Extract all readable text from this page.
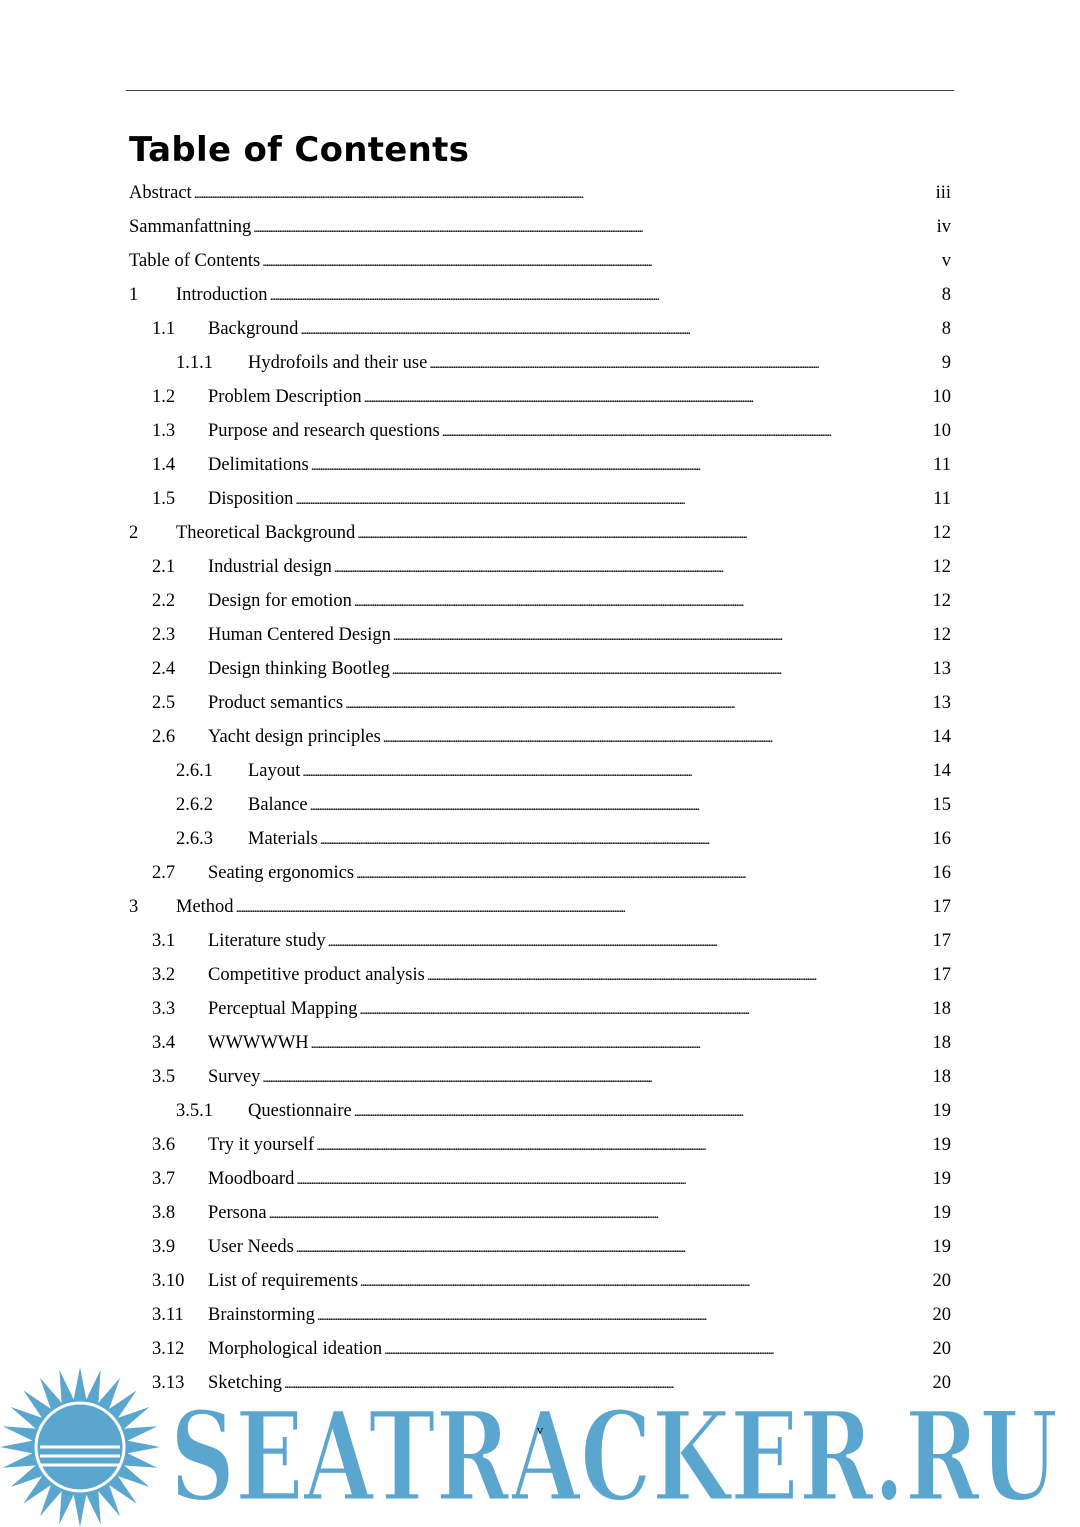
Table of Contents
Abstract . . .	iii
Sammanfattning . . .	iv
Table of Contents . . .	v
1	Introduction . . .	8
1.1	Background . . .	8
1.1.1	Hydrofoils and their use . . .	9
1.2	Problem Description . . .	10
1.3	Purpose and research questions . . .	10
1.4	Delimitations . . .	11
1.5	Disposition . . .	11
2	Theoretical Background . . .	12
2.1	Industrial design . . .	12
2.2	Design for emotion . . .	12
2.3	Human Centered Design . . .	12
2.4	Design thinking Bootleg . . .	13
2.5	Product semantics . . .	13
2.6	Yacht design principles . . .	14
2.6.1	Layout . . .	14
2.6.2	Balance . . .	15
2.6.3	Materials . . .	16
2.7	Seating ergonomics . . .	16
3	Method . . .	17
3.1	Literature study . . .	17
3.2	Competitive product analysis . . .	17
3.3	Perceptual Mapping . . .	18
3.4	WWWWWH . . .	18
3.5	Survey . . .	18
3.5.1	Questionnaire . . .	19
3.6	Try it yourself . . .	19
3.7	Moodboard . . .	19
3.8	Persona . . .	19
3.9	User Needs . . .	19
3.10	List of requirements . . .	20
3.11	Brainstorming . . .	20
3.12	Morphological ideation . . .	20
3.13	Sketching . . .	20
SEATRACKER.RU
v
